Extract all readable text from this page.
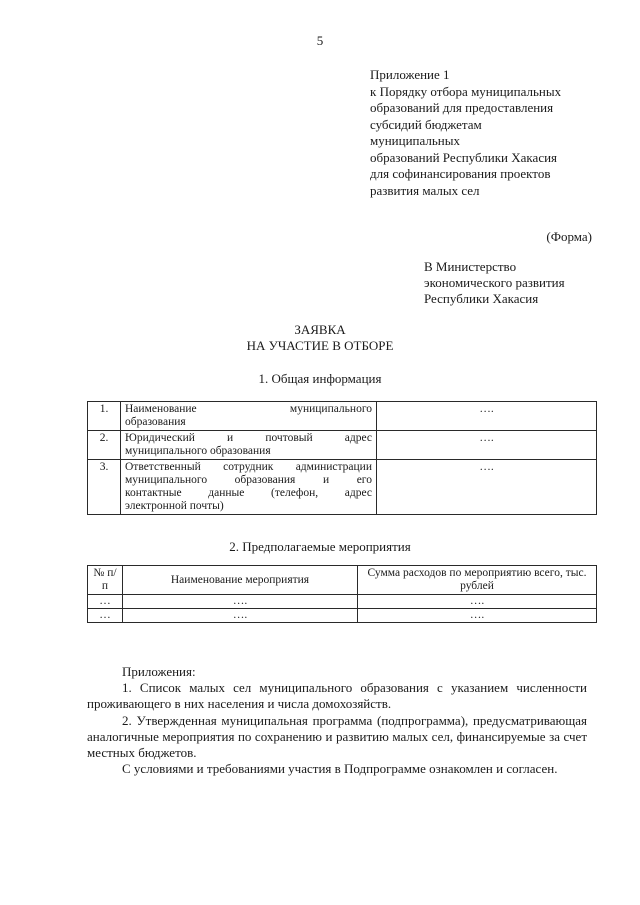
5
Приложение 1
к Порядку отбора муниципальных
образований для предоставления
субсидий бюджетам
муниципальных
образований Республики Хакасия
для софинансирования проектов
развития малых сел
(Форма)
В Министерство
экономического развития
Республики Хакасия
ЗАЯВКА
НА УЧАСТИЕ В ОТБОРЕ
1. Общая информация
1.	Наименование муниципального
образования	….
2.	Юридический и почтовый адрес
муниципального образования	….
3.	Ответственный сотрудник администрации
муниципального образования и его
контактные данные (телефон, адрес
электронной почты)	….
2. Предполагаемые мероприятия
№ п/п	Наименование мероприятия	Сумма расходов по мероприятию всего, тыс. рублей
…	….	….
…	….	….

Приложения:

1. Список малых сел муниципального образования с указанием численности проживающего в них населения и числа домохозяйств.

2. Утвержденная муниципальная программа (подпрограмма), предусматривающая аналогичные мероприятия по сохранению и развитию малых сел, финансируемые за счет местных бюджетов.

С условиями и требованиями участия в Подпрограмме ознакомлен и согласен.
